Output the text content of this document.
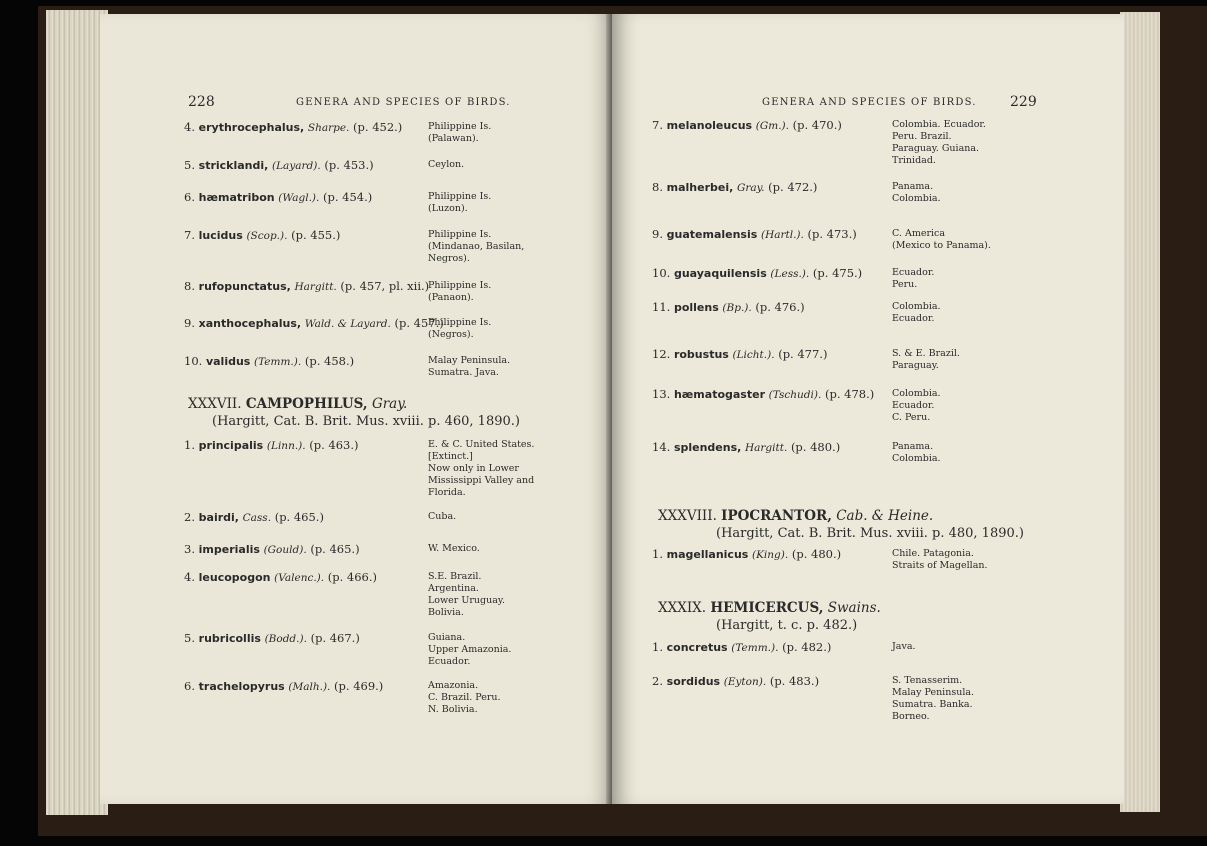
228	GENERA AND SPECIES OF BIRDS.
4. erythrocephalus, Sharpe. (p. 452.)	Philippine Is.
(Palawan).
5. stricklandi, (Layard). (p. 453.)	Ceylon.
6. hæmatribon (Wagl.). (p. 454.)	Philippine Is.
(Luzon).
7. lucidus (Scop.). (p. 455.)	Philippine Is.
(Mindanao, Basilan,
Negros).
8. rufopunctatus, Hargitt. (p. 457, pl. xii.)
Philippine Is.
(Panaon).
9. xanthocephalus, Wald. & Layard. (p. 457.)
Philippine Is.
(Negros).
10. validus (Temm.). (p. 458.)	Malay Peninsula.
Sumatra. Java.
XXXVII. CAMPOPHILUS, Gray.
(Hargitt, Cat. B. Brit. Mus. xviii. p. 460, 1890.)
1. principalis (Linn.). (p. 463.)	E. & C. United States.
[Extinct.]
Now only in Lower
Mississippi Valley and
Florida.
2. bairdi, Cass. (p. 465.)	Cuba.
3. imperialis (Gould). (p. 465.)	W. Mexico.
4. leucopogon (Valenc.). (p. 466.)	S.E. Brazil.
Argentina.
Lower Uruguay.
Bolivia.
5. rubricollis (Bodd.). (p. 467.)	Guiana.
Upper Amazonia.
Ecuador.
6. trachelopyrus (Malh.). (p. 469.)	Amazonia.
C. Brazil. Peru.
N. Bolivia.
GENERA AND SPECIES OF BIRDS. 229
7. melanoleucus (Gm.). (p. 470.)	Colombia. Ecuador.
Peru. Brazil.
Paraguay. Guiana.
Trinidad.
8. malherbei, Gray. (p. 472.)	Panama.
Colombia.
9. guatemalensis (Hartl.). (p. 473.)	C. America
(Mexico to Panama).
10. guayaquilensis (Less.). (p. 475.)	Ecuador.
Peru.
11. pollens (Bp.). (p. 476.)	Colombia.
Ecuador.
12. robustus (Licht.). (p. 477.)	S. & E. Brazil.
Paraguay.
13. hæmatogaster (Tschudi). (p. 478.) Colombia.
Ecuador.
C. Peru.
14. splendens, Hargitt. (p. 480.)	Panama.
Colombia.
XXXVIII. IPOCRANTOR, Cab. & Heine.
(Hargitt, Cat. B. Brit. Mus. xviii. p. 480, 1890.)
1. magellanicus (King). (p. 480.)	Chile. Patagonia.
Straits of Magellan.
XXXIX. HEMICERCUS, Swains.
(Hargitt, t. c. p. 482.)
1. concretus (Temm.). (p. 482.)	Java.
2. sordidus (Eyton). (p. 483.)	S. Tenasserim.
Malay Peninsula.
Sumatra. Banka.
Borneo.
